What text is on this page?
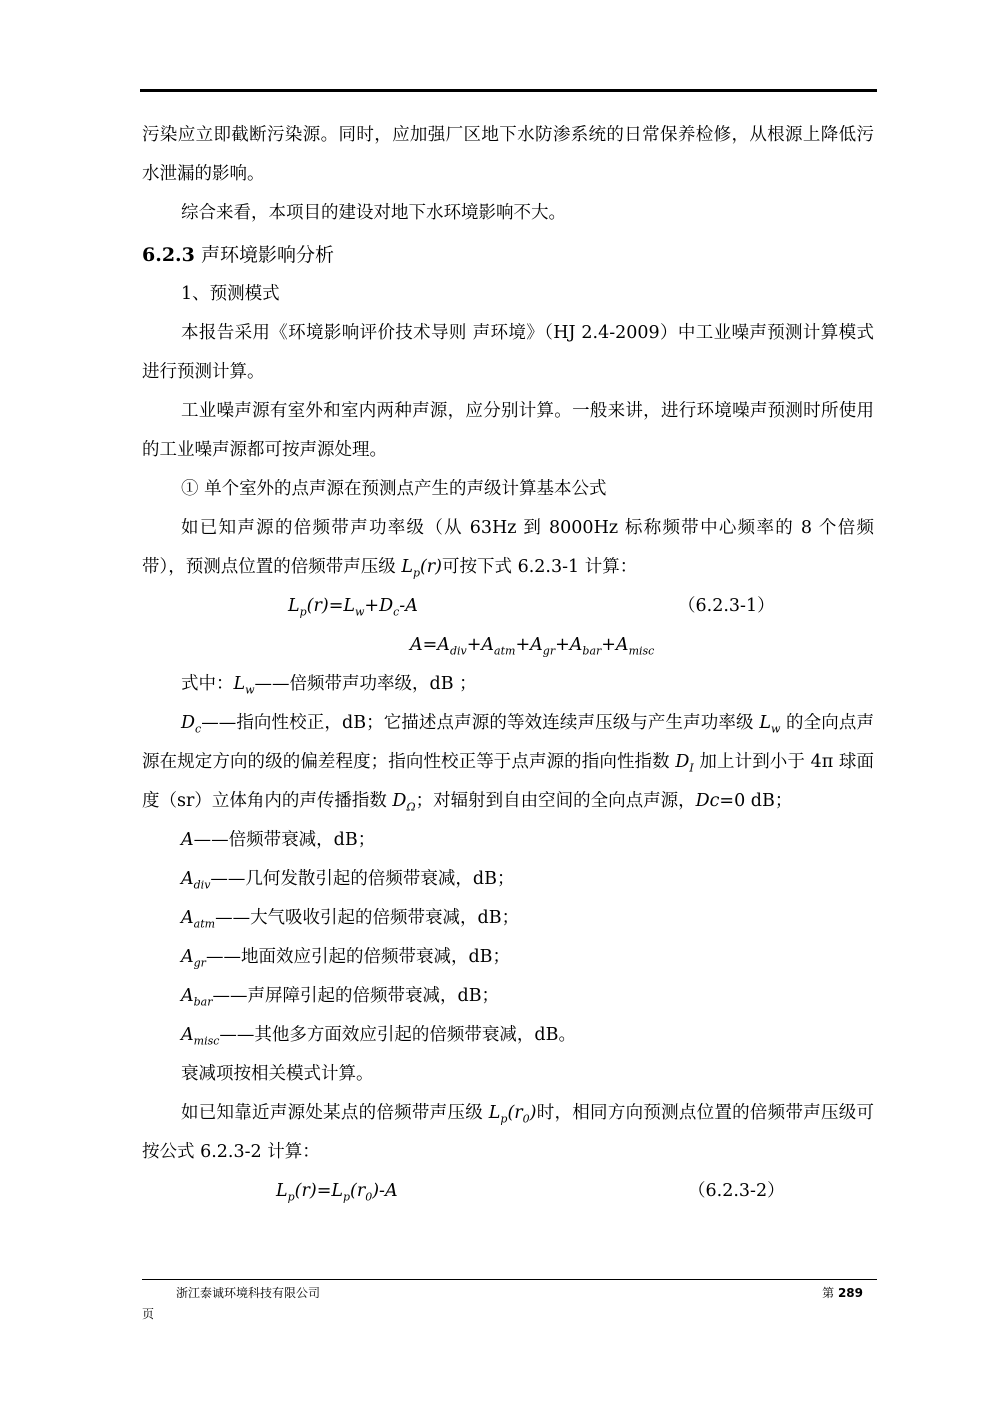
污染应立即截断污染源。同时，应加强厂区地下水防渗系统的日常保养检修，从根源上降低污水泄漏的影响。

综合来看，本项目的建设对地下水环境影响不大。

6.2.3 声环境影响分析

1、预测模式

本报告采用《环境影响评价技术导则 声环境》（HJ 2.4-2009）中工业噪声预测计算模式进行预测计算。

工业噪声源有室外和室内两种声源，应分别计算。一般来讲，进行环境噪声预测时所使用的工业噪声源都可按声源处理。

① 单个室外的点声源在预测点产生的声级计算基本公式

如已知声源的倍频带声功率级（从 63Hz 到 8000Hz 标称频带中心频率的 8 个倍频带），预测点位置的倍频带声压级 $L_p(r)$可按下式 6.2.3-1 计算：

$L_p(r)=L_w+D_c-A$	（6.2.3-1）
$A=A_{div}+A_{atm}+A_{gr}+A_{bar}+A_{misc}$

式中：$L_w——$倍频带声功率级，dB ；

$D_c——$指向性校正，dB；它描述点声源的等效连续声压级与产生声功率级 $L_w$ 的全向点声源在规定方向的级的偏差程度；指向性校正等于点声源的指向性指数 $D_I$ 加上计到小于 4π 球面度（sr）立体角内的声传播指数 $D_\Omega$；对辐射到自由空间的全向点声源，Dc=0 dB；

A——倍频带衰减，dB；

$A_{div}——$几何发散引起的倍频带衰减，dB；

$A_{atm}——$大气吸收引起的倍频带衰减，dB；

$A_{gr}——$地面效应引起的倍频带衰减，dB；

$A_{bar}——$声屏障引起的倍频带衰减，dB；

$A_{misc}——$其他多方面效应引起的倍频带衰减，dB。

衰减项按相关模式计算。

如已知靠近声源处某点的倍频带声压级 $L_p(r_0)$时，相同方向预测点位置的倍频带声压级可按公式 6.2.3-2 计算：

$L_p(r)=L_p(r_0)-A$	（6.2.3-2）
浙江泰诚环境科技有限公司	第 289
页
